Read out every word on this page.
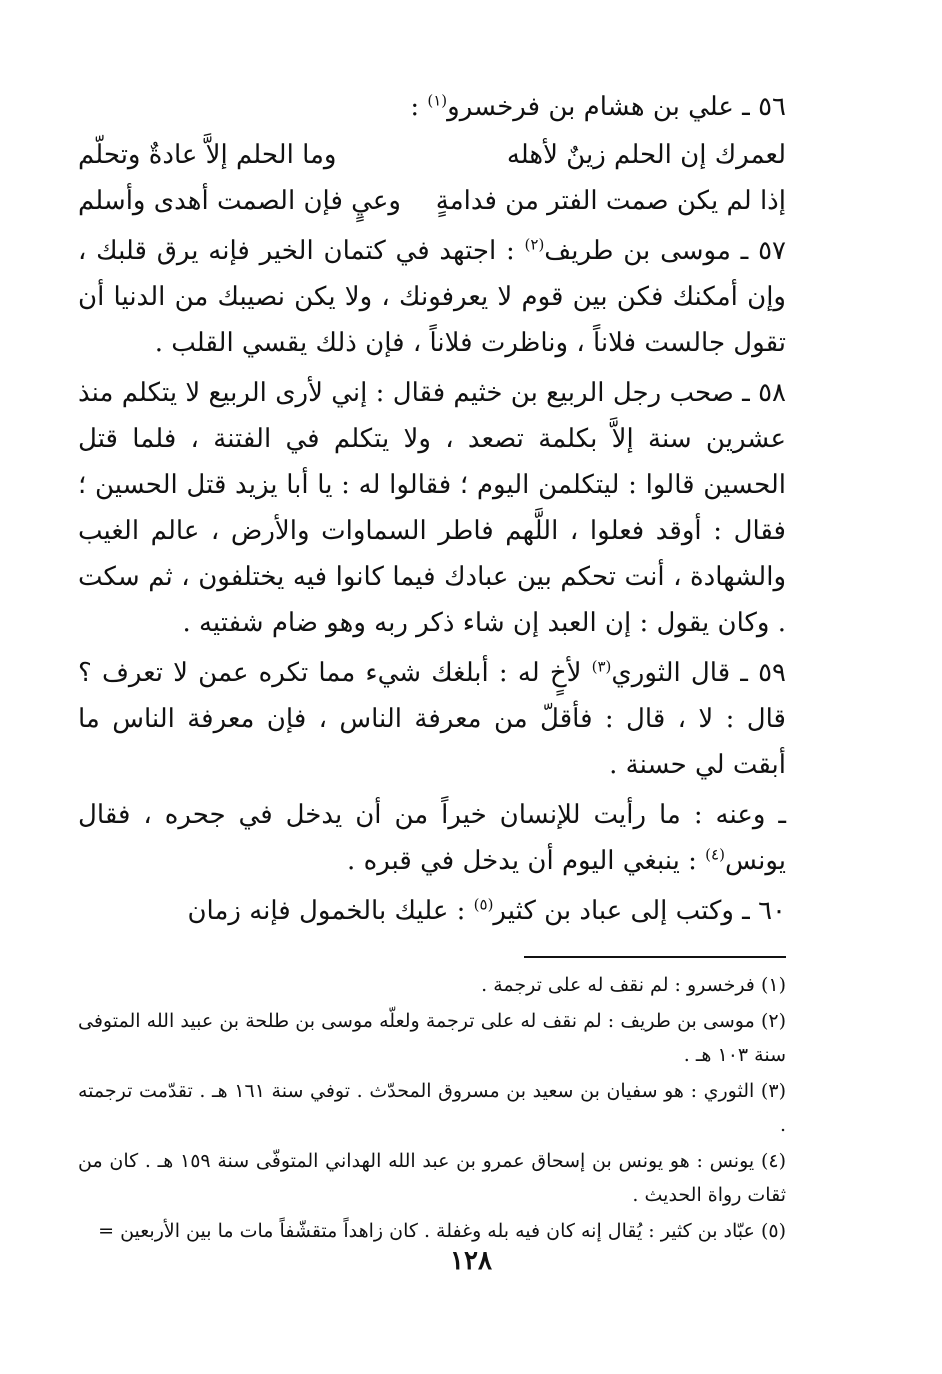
٥٦ ـ علي بن هشام بن فرخسرو$^{(١)}$ :

لعمرك إن الحلم زينٌ لأهله	وما الحلم إلاَّ عادةٌ وتحلّم
إذا لم يكن صمت الفتر من فدامةٍ	وعيٍ فإن الصمت أهدى وأسلم

٥٧ ـ موسى بن طريف$^{(٢)}$ : اجتهد في كتمان الخير فإنه يرق قلبك ، وإن أمكنك فكن بين قوم لا يعرفونك ، ولا يكن نصيبك من الدنيا أن تقول جالست فلاناً ، وناظرت فلاناً ، فإن ذلك يقسي القلب .

٥٨ ـ صحب رجل الربيع بن خثيم فقال : إني لأرى الربيع لا يتكلم منذ عشرين سنة إلاَّ بكلمة تصعد ، ولا يتكلم في الفتنة ، فلما قتل الحسين قالوا : ليتكلمن اليوم ؛ فقالوا له : يا أبا يزيد قتل الحسين ؛ فقال : أوقد فعلوا ، اللَّهم فاطر السماوات والأرض ، عالم الغيب والشهادة ، أنت تحكم بين عبادك فيما كانوا فيه يختلفون ، ثم سكت . وكان يقول : إن العبد إن شاء ذكر ربه وهو ضام شفتيه .

٥٩ ـ قال الثوري$^{(٣)}$ لأخٍ له : أبلغك شيء مما تكره عمن لا تعرف ؟ قال : لا ، قال : فأقلّ من معرفة الناس ، فإن معرفة الناس ما أبقت لي حسنة .

ـ وعنه : ما رأيت للإنسان خيراً من أن يدخل في جحره ، فقال يونس$^{(٤)}$ : ينبغي اليوم أن يدخل في قبره .

٦٠ ـ وكتب إلى عباد بن كثير$^{(٥)}$ : عليك بالخمول فإنه زمان

(١) فرخسرو : لم نقف له على ترجمة .

(٢) موسى بن طريف : لم نقف له على ترجمة ولعلّه موسى بن طلحة بن عبيد الله المتوفى سنة ١٠٣ هـ .

(٣) الثوري : هو سفيان بن سعيد بن مسروق المحدّث . توفي سنة ١٦١ هـ . تقدّمت ترجمته .

(٤) يونس : هو يونس بن إسحاق عمرو بن عبد الله الهداني المتوفّى سنة ١٥٩ هـ . كان من ثقات رواة الحديث .

(٥) عبّاد بن كثير : يُقال إنه كان فيه بله وغفلة . كان زاهداً متقشّفاً مات ما بين الأربعين =

١٢٨
